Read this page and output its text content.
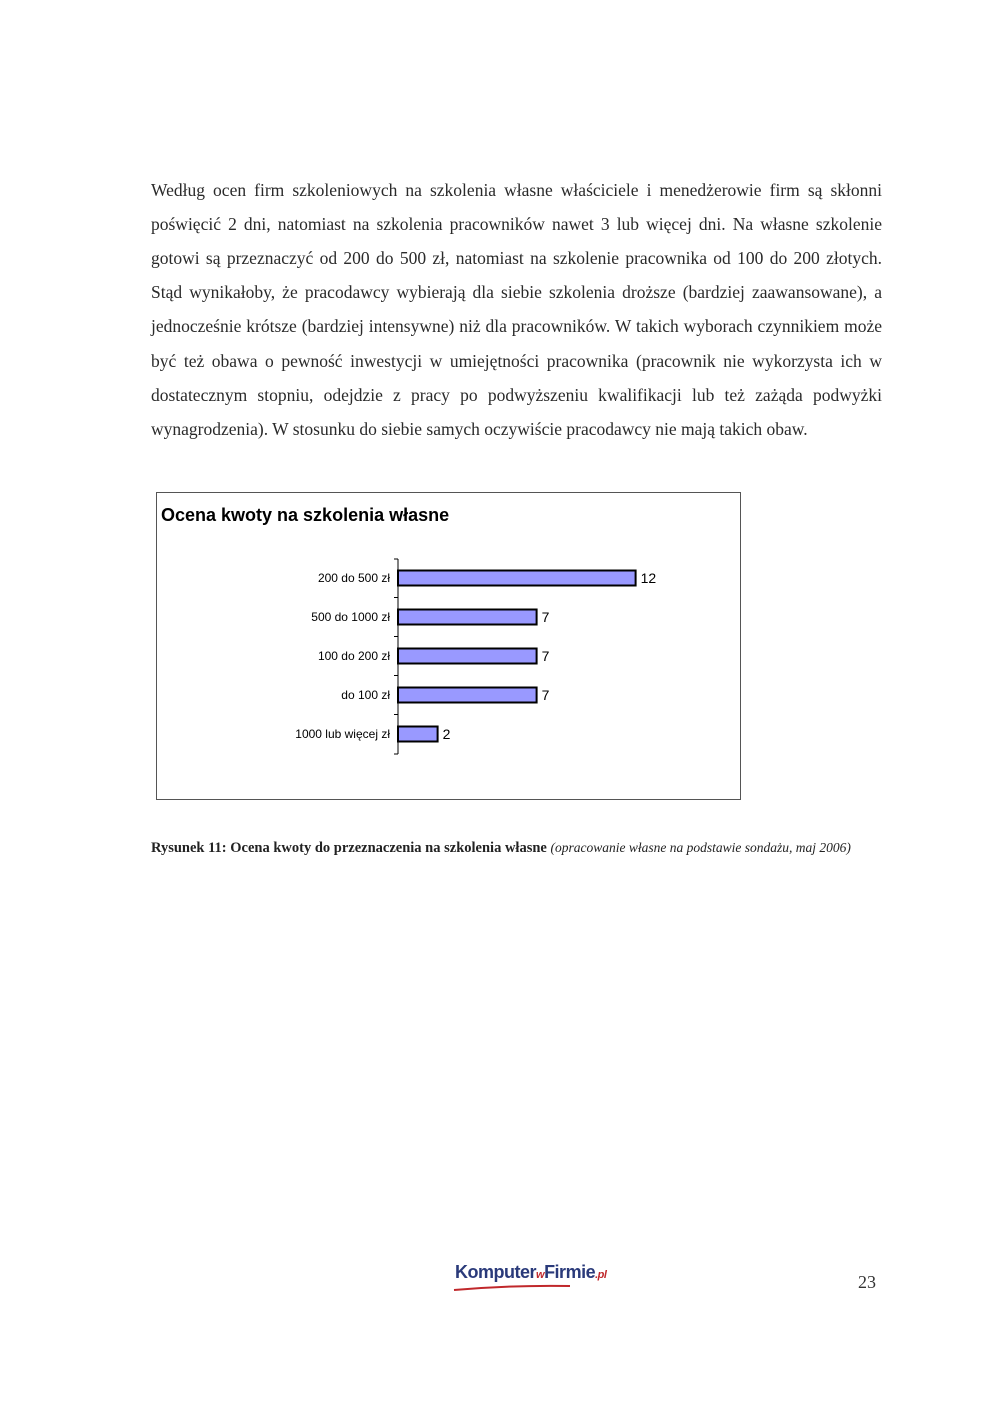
Według ocen firm szkoleniowych na szkolenia własne właściciele i menedżerowie firm są skłonni poświęcić 2 dni, natomiast na szkolenia pracowników nawet 3 lub więcej dni. Na własne szkolenie gotowi są przeznaczyć od 200 do 500 zł, natomiast na szkolenie pracownika od 100 do 200 złotych. Stąd wynikałoby, że pracodawcy wybierają dla siebie szkolenia droższe (bardziej zaawansowane), a jednocześnie krótsze (bardziej intensywne) niż dla pracowników. W takich wyborach czynnikiem może być też obawa o pewność inwestycji w umiejętności pracownika (pracownik nie wykorzysta ich w dostatecznym stopniu, odejdzie z pracy po podwyższeniu kwalifikacji lub też zażąda podwyżki wynagrodzenia). W stosunku do siebie samych oczywiście pracodawcy nie mają takich obaw.

Ocena kwoty na szkolenia własne
200 do 500 zł	12
500 do 1000 zł	7
100 do 200 zł	7
do 100 zł	7
1000 lub więcej zł	2
Rysunek 11: Ocena kwoty do przeznaczenia na szkolenia własne (opracowanie własne na podstawie sondażu, maj 2006)
KomputerwFirmie.pl	23
